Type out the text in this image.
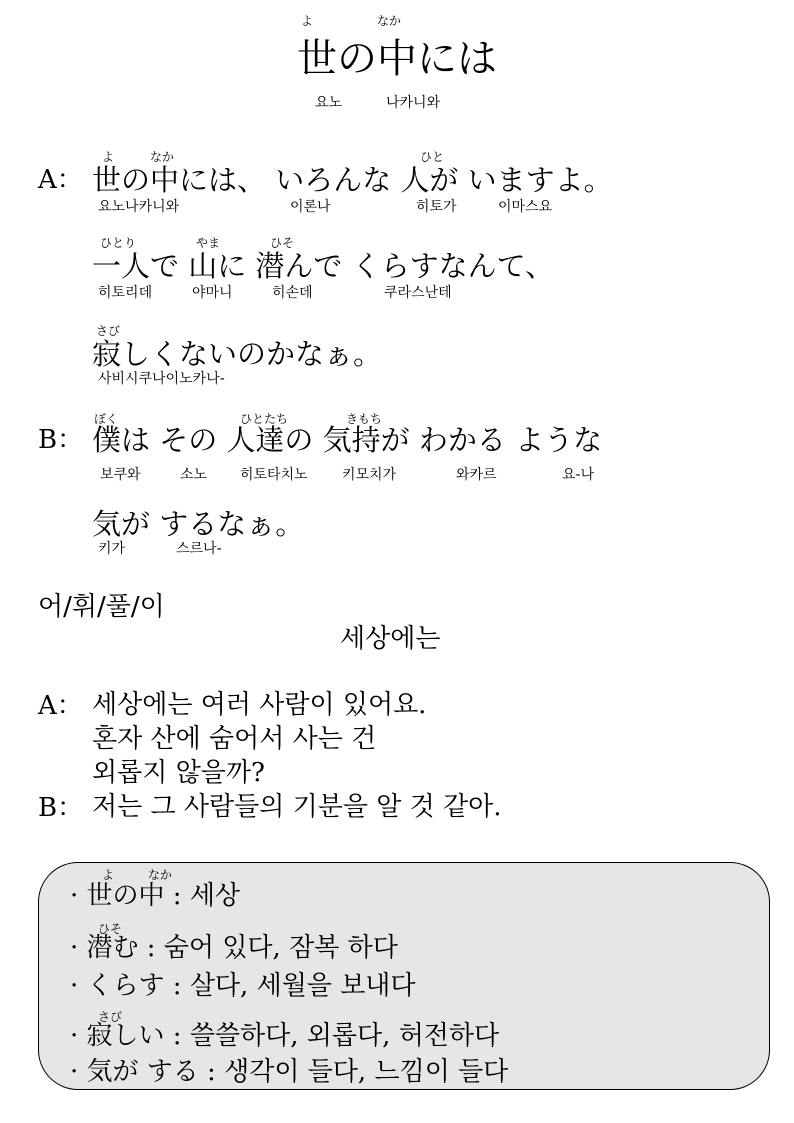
よ	なか
世の中には
요노	나카니와
よ	なか	ひと
A： 世の中には、 いろんな 人が いますよ。
요노나카니와	이론나	히토가	이마스요
ひとり	やま	ひそ
一人で 山に 潜んで くらすなんて、
히토리데	야마니	히손데	쿠라스난테
さび
寂しくないのかなぁ。
사비시쿠나이노카나-
ぼく	ひとたち	きもち
B： 僕は その 人達の 気持が わかる ような
보쿠와	소노 히토타치노 키모치가	와카르	요-나
気が するなぁ。
키가	스르나-
어/휘/풀/이
세상에는
A： 세상에는 여러 사람이 있어요.
혼자 산에 숨어서 사는 건
외롭지 않을까?
B： 저는 그 사람들의 기분을 알 것 같아.
よ	なか
· 世の中 : 세상
ひそ
· 潜む : 숨어 있다, 잠복 하다
· くらす : 살다, 세월을 보내다
さび
· 寂しい : 쓸쓸하다, 외롭다, 허전하다
· 気が する : 생각이 들다, 느낌이 들다
